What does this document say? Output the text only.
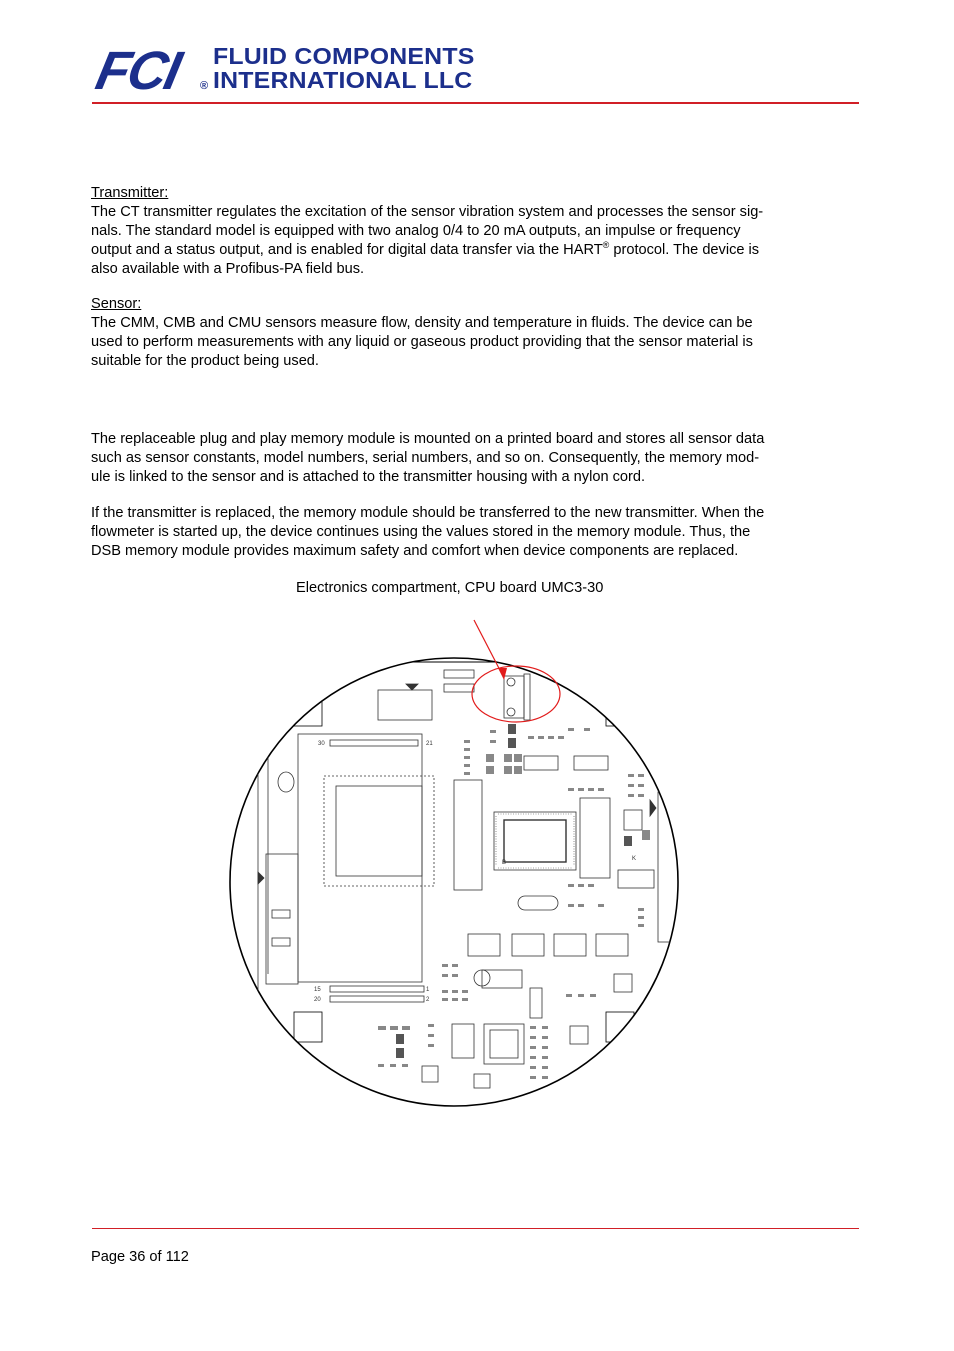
FCI ®
FLUID COMPONENTS
INTERNATIONAL LLC
Transmitter:
The CT transmitter regulates the excitation of the sensor vibration system and processes the sensor sig-
nals. The standard model is equipped with two analog 0/4 to 20 mA outputs, an impulse or frequency
output and a status output, and is enabled for digital data transfer via the HART® protocol. The device is
also available with a Profibus-PA field bus.
Sensor:
The CMM, CMB and CMU sensors measure flow, density and temperature in fluids. The device can be
used to perform measurements with any liquid or gaseous product providing that the sensor material is
suitable for the product being used.
The replaceable plug and play memory module is mounted on a printed board and stores all sensor data
such as sensor constants, model numbers, serial numbers, and so on. Consequently, the memory mod-
ule is linked to the sensor and is attached to the transmitter housing with a nylon cord.
If the transmitter is replaced, the memory module should be transferred to the new transmitter. When the
flowmeter is started up, the device continues using the values stored in the memory module. Thus, the
DSB memory module provides maximum safety and comfort when device components are replaced.
Electronics compartment, CPU board UMC3-30
30	21
15
20
1
2
B
K
Page 36 of 112
